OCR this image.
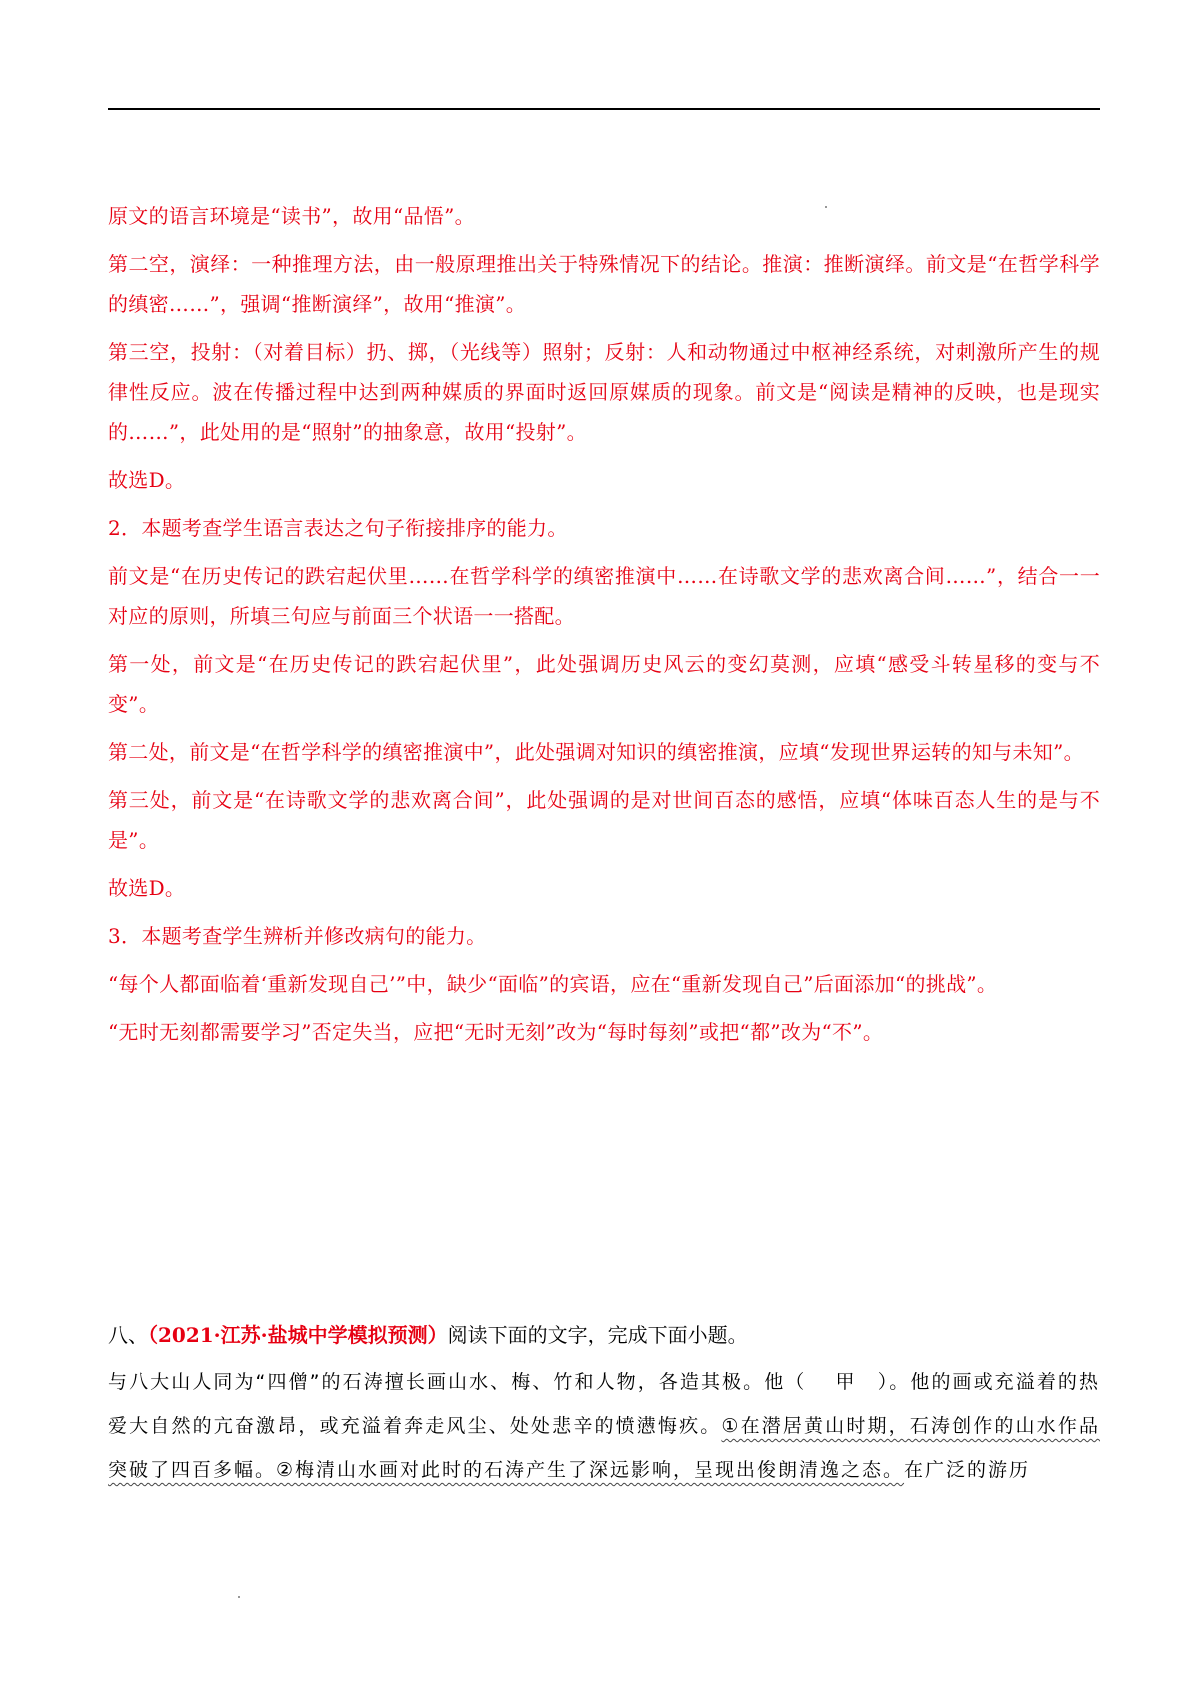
原文的语言环境是“读书”，故用“品悟”。

第二空，演绎：一种推理方法，由一般原理推出关于特殊情况下的结论。推演：推断演绎。前文是“在哲学科学的缜密……”，强调“推断演绎”，故用“推演”。

第三空，投射：（对着目标）扔、掷，（光线等）照射；反射：人和动物通过中枢神经系统，对刺激所产生的规律性反应。波在传播过程中达到两种媒质的界面时返回原媒质的现象。前文是“阅读是精神的反映，也是现实的……”，此处用的是“照射”的抽象意，故用“投射”。

故选D。

2．本题考查学生语言表达之句子衔接排序的能力。

前文是“在历史传记的跌宕起伏里……在哲学科学的缜密推演中……在诗歌文学的悲欢离合间……”，结合一一对应的原则，所填三句应与前面三个状语一一搭配。

第一处，前文是“在历史传记的跌宕起伏里”，此处强调历史风云的变幻莫测，应填“感受斗转星移的变与不变”。

第二处，前文是“在哲学科学的缜密推演中”，此处强调对知识的缜密推演，应填“发现世界运转的知与未知”。

第三处，前文是“在诗歌文学的悲欢离合间”，此处强调的是对世间百态的感悟，应填“体味百态人生的是与不是”。

故选D。

3．本题考查学生辨析并修改病句的能力。

“每个人都面临着‘重新发现自己’”中，缺少“面临”的宾语，应在“重新发现自己”后面添加“的挑战”。

“无时无刻都需要学习”否定失当，应把“无时无刻”改为“每时每刻”或把“都”改为“不”。

八、（2021·江苏·盐城中学模拟预测）阅读下面的文字，完成下面小题。

与八大山人同为“四僧”的石涛擅长画山水、梅、竹和人物，各造其极。他（　 甲　）。他的画或充溢着的热爱大自然的亢奋激昂，或充溢着奔走风尘、处处悲辛的愤懑悔疚。①在潜居黄山时期，石涛创作的山水作品突破了四百多幅。②梅清山水画对此时的石涛产生了深远影响，呈现出俊朗清逸之态。在广泛的游历
